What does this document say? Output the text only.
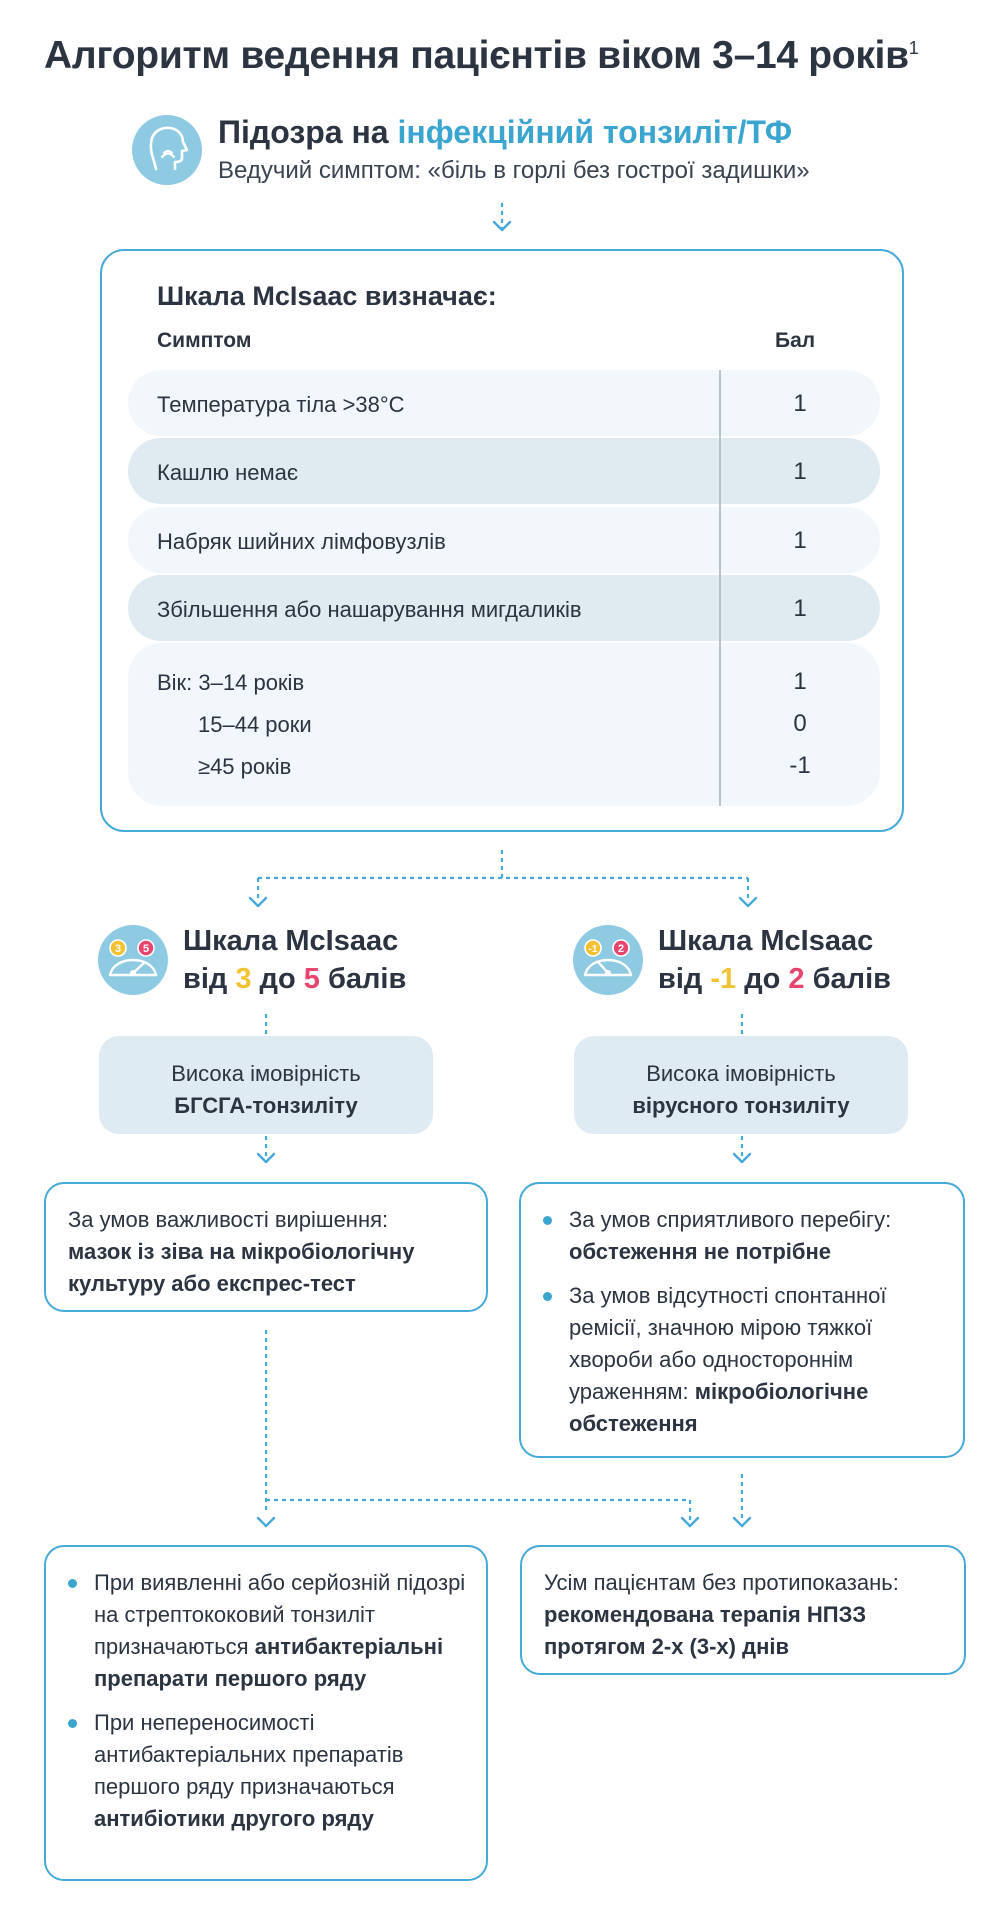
Алгоритм ведення пацієнтів віком 3–14 років$^1$
Підозра на інфекційний тонзиліт/ТФ
Ведучий симптом: «біль в горлі без гострої задишки»
Шкала McIsaac визначає:
Симптом	Бал
Температура тіла >38°C	1
Кашлю немає	1
Набряк шийних лімфовузлів	1
Збільшення або нашарування мигдаликів	1
Вік: 3–14 років	1
15–44 роки	0
≥45 років	-1
3 5 Шкала McIsaac
від 3 до 5 балів
Висока імовірність
БГСГА-тонзиліту
За умов важливості вирішення:
мазок із зіва на мікробіологічну культуру або експрес-тест
-1 2 Шкала McIsaac
від -1 до 2 балів
Висока імовірність
вірусного тонзиліту
За умов сприятливого перебігу:
обстеження не потрібне
За умов відсутності спонтанної ремісії, значною мірою тяжкої хвороби або одностороннім ураженням: мікробіологічне обстеження
При виявленні або серйозній підозрі на стрептококовий тонзиліт призначаються антибактеріальні препарати першого ряду
При непереносимості антибактеріальних препаратів першого ряду призначаються антибіотики другого ряду
Усім пацієнтам без протипоказань:
рекомендована терапія НПЗЗ протягом 2-х (3-х) днів
